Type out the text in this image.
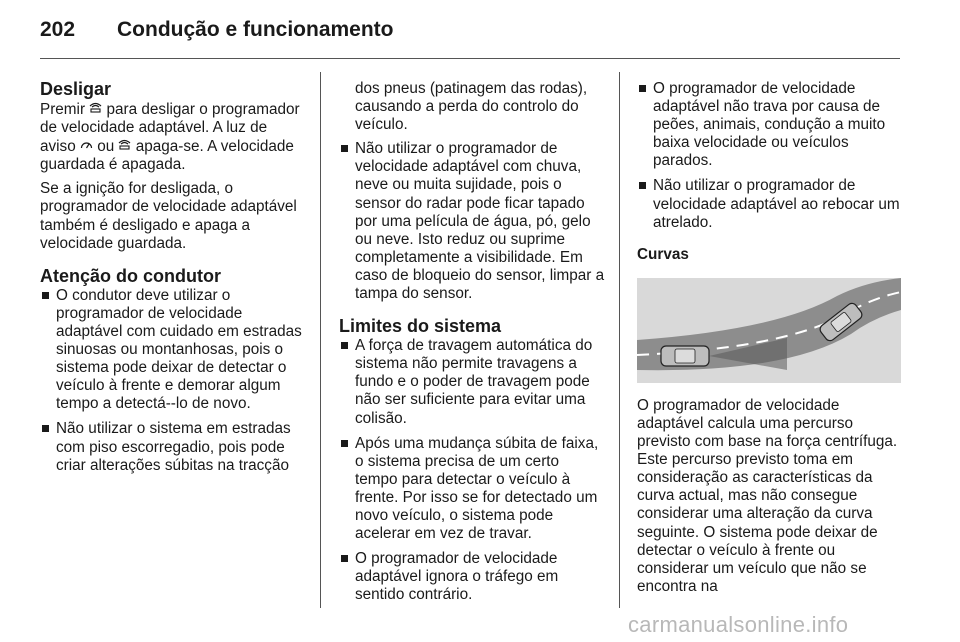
202 Condução e funcionamento
Desligar

Premir  para desligar o programador de velocidade adaptável. A luz de aviso  ou  apaga-se. A velocidade guardada é apagada.

Se a ignição for desligada, o programador de velocidade adaptável também é desligado e apaga a velocidade guardada.

Atenção do condutor
O condutor deve utilizar o programador de velocidade adaptável com cuidado em estradas sinuosas ou montanhosas, pois o sistema pode deixar de detectar o veículo à frente e demorar algum tempo a detectá--lo de novo.
Não utilizar o sistema em estradas com piso escorregadio, pois pode criar alterações súbitas na tracção

dos pneus (patinagem das rodas), causando a perda do controlo do veículo.

Não utilizar o programador de velocidade adaptável com chuva, neve ou muita sujidade, pois o sensor do radar pode ficar tapado por uma película de água, pó, gelo ou neve. Isto reduz ou suprime completamente a visibilidade. Em caso de bloqueio do sensor, limpar a tampa do sensor.
Limites do sistema
A força de travagem automática do sistema não permite travagens a fundo e o poder de travagem pode não ser suficiente para evitar uma colisão.
Após uma mudança súbita de faixa, o sistema precisa de um certo tempo para detectar o veículo à frente. Por isso se for detectado um novo veículo, o sistema pode acelerar em vez de travar.
O programador de velocidade adaptável ignora o tráfego em sentido contrário.
O programador de velocidade adaptável não trava por causa de peões, animais, condução a muito baixa velocidade ou veículos parados.
Não utilizar o programador de velocidade adaptável ao rebocar um atrelado.
Curvas

O programador de velocidade adaptável calcula uma percurso previsto com base na força centrífuga. Este percurso previsto toma em consideração as características da curva actual, mas não consegue considerar uma alteração da curva seguinte. O sistema pode deixar de detectar o veículo à frente ou considerar um veículo que não se encontra na

carmanualsonline.info
